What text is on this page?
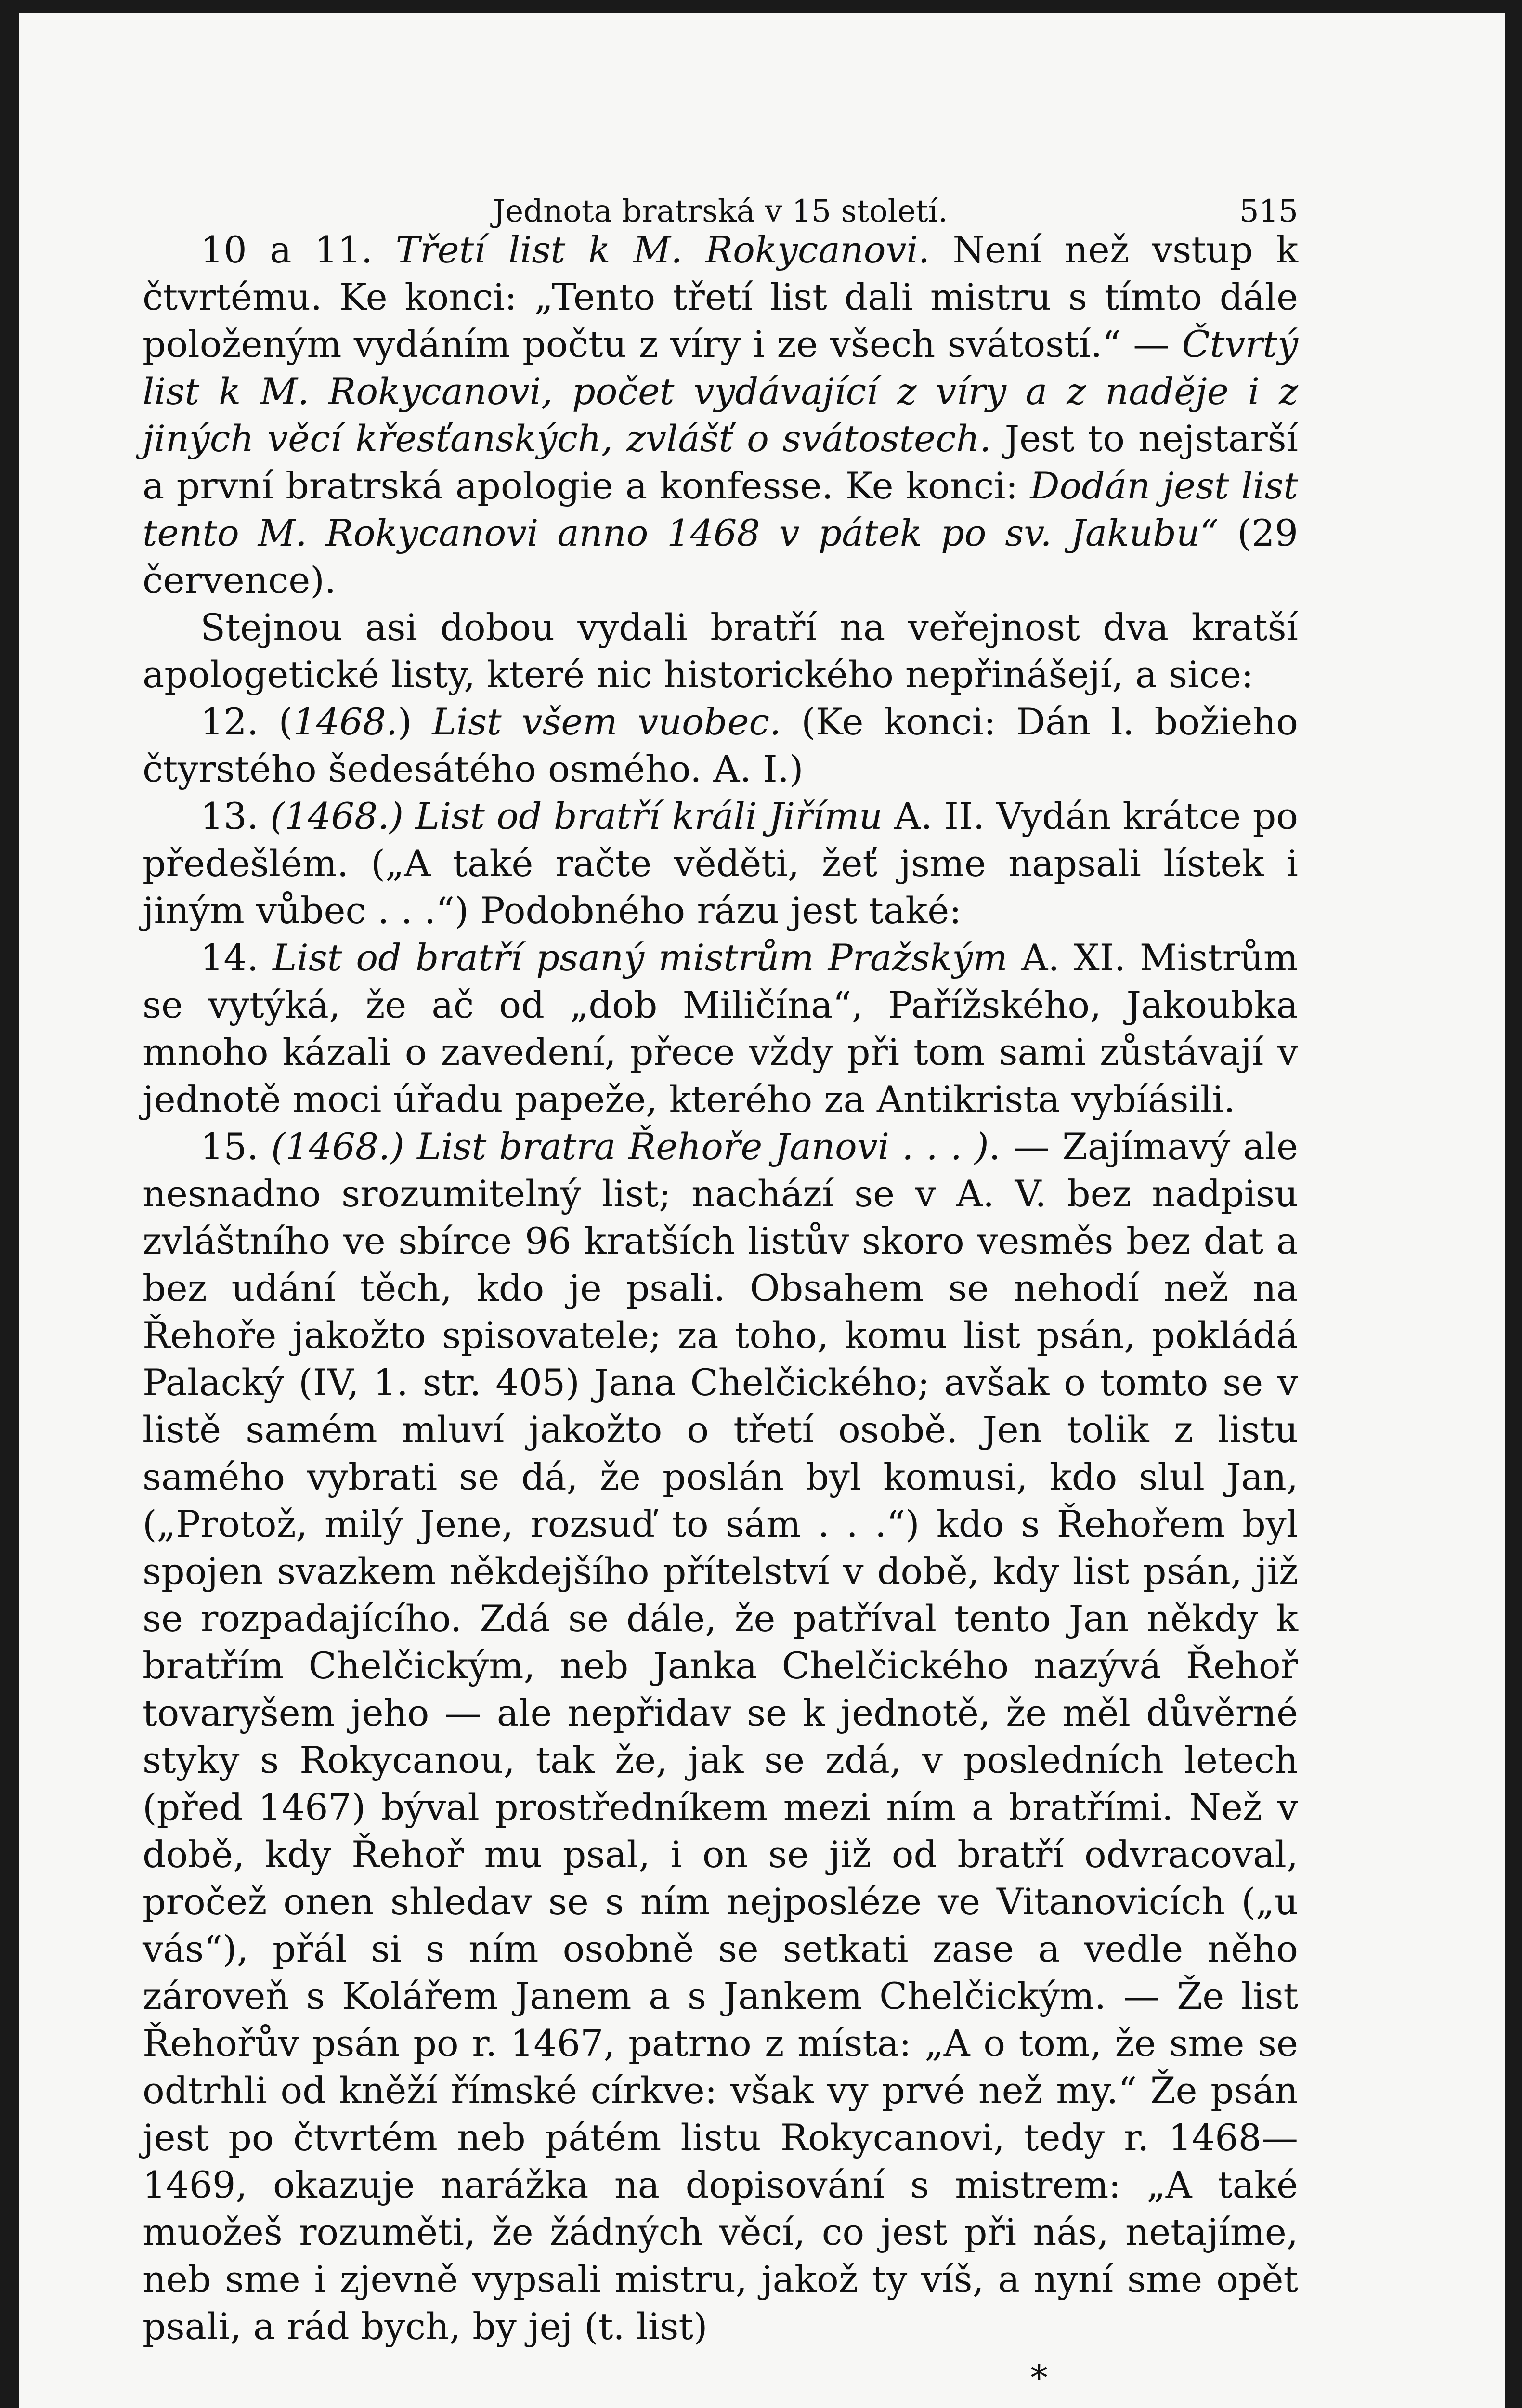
Jednota bratrská v 15 století.	515

10 a 11. Třetí list k M. Rokycanovi. Není než vstup k čtvrtému. Ke konci: „Tento třetí list dali mistru s tímto dále položeným vydáním počtu z víry i ze všech svátostí.“ — Čtvrtý list k M. Rokycanovi, počet vydávající z víry a z naděje i z jiných věcí křesťanských, zvlášť o svátostech. Jest to nejstarší a první bratrská apologie a konfesse. Ke konci: Dodán jest list tento M. Rokycanovi anno 1468 v pátek po sv. Jakubu“ (29 července).

Stejnou asi dobou vydali bratří na veřejnost dva kratší apologetické listy, které nic historického nepřinášejí, a sice:

12. (1468.) List všem vuobec. (Ke konci: Dán l. božieho čtyrstého šedesátého osmého. A. I.)

13. (1468.) List od bratří králi Jiřímu A. II. Vydán krátce po předešlém. („A také račte věděti, žeť jsme napsali lístek i jiným vůbec . . .“) Podobného rázu jest také:

14. List od bratří psaný mistrům Pražským A. XI. Mistrům se vytýká, že ač od „dob Miličína“, Pařížského, Jakoubka mnoho kázali o zavedení, přece vždy při tom sami zůstávají v jednotě moci úřadu papeže, kterého za Antikrista vybíásili.

15. (1468.) List bratra Řehoře Janovi . . . ). — Zajímavý ale nesnadno srozumitelný list; nachází se v A. V. bez nadpisu zvláštního ve sbírce 96 kratších listův skoro vesměs bez dat a bez udání těch, kdo je psali. Obsahem se nehodí než na Řehoře jakožto spisovatele; za toho, komu list psán, pokládá Palacký (IV, 1. str. 405) Jana Chelčického; avšak o tomto se v listě samém mluví jakožto o třetí osobě. Jen tolik z listu samého vybrati se dá, že poslán byl komusi, kdo slul Jan, („Protož, milý Jene, rozsuď to sám . . .“) kdo s Řehořem byl spojen svazkem někdejšího přítelství v době, kdy list psán, již se rozpadajícího. Zdá se dále, že patříval tento Jan někdy k bratřím Chelčickým, neb Janka Chelčického nazývá Řehoř tovaryšem jeho — ale nepřidav se k jednotě, že měl důvěrné styky s Rokycanou, tak že, jak se zdá, v posledních letech (před 1467) býval prostředníkem mezi ním a bratřími. Než v době, kdy Řehoř mu psal, i on se již od bratří odvracoval, pročež onen shledav se s ním nejposléze ve Vitanovicích („u vás“), přál si s ním osobně se setkati zase a vedle něho zároveň s Kolářem Janem a s Jankem Chelčickým. — Že list Řehořův psán po r. 1467, patrno z místa: „A o tom, že sme se odtrhli od kněží římské církve: však vy prvé než my.“ Že psán jest po čtvrtém neb pátém listu Rokycanovi, tedy r. 1468—1469, okazuje narážka na dopisování s mistrem: „A také muožeš rozuměti, že žádných věcí, co jest při nás, netajíme, neb sme i zjevně vypsali mistru, jakož ty víš, a nyní sme opět psali, a rád bych, by jej (t. list)

*
